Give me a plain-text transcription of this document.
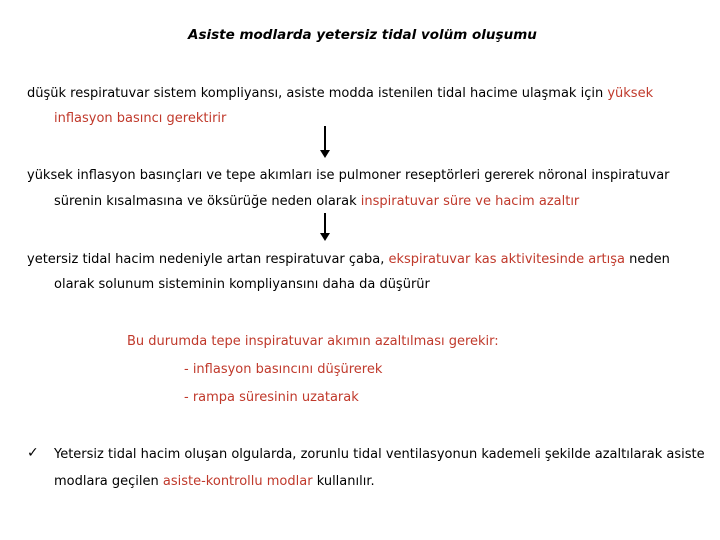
Asiste modlarda yetersiz tidal volüm oluşumu
düşük respiratuvar sistem kompliyansı, asiste modda istenilen tidal hacime ulaşmak için yüksek
inflasyon basıncı gerektirir
yüksek inflasyon basınçları ve tepe akımları ise pulmoner reseptörleri gererek nöronal inspiratuvar
sürenin kısalmasına ve öksürüğe neden olarak inspiratuvar süre ve hacim azaltır
yetersiz tidal hacim nedeniyle artan respiratuvar çaba, ekspiratuvar kas aktivitesinde artışa neden
olarak solunum sisteminin kompliyansını daha da düşürür
Bu durumda tepe inspiratuvar akımın azaltılması gerekir:
- inflasyon basıncını düşürerek
- rampa süresinin uzatarak
✓ Yetersiz tidal hacim oluşan olgularda, zorunlu tidal ventilasyonun kademeli şekilde azaltılarak asiste
modlara geçilen asiste-kontrollu modlar kullanılır.
